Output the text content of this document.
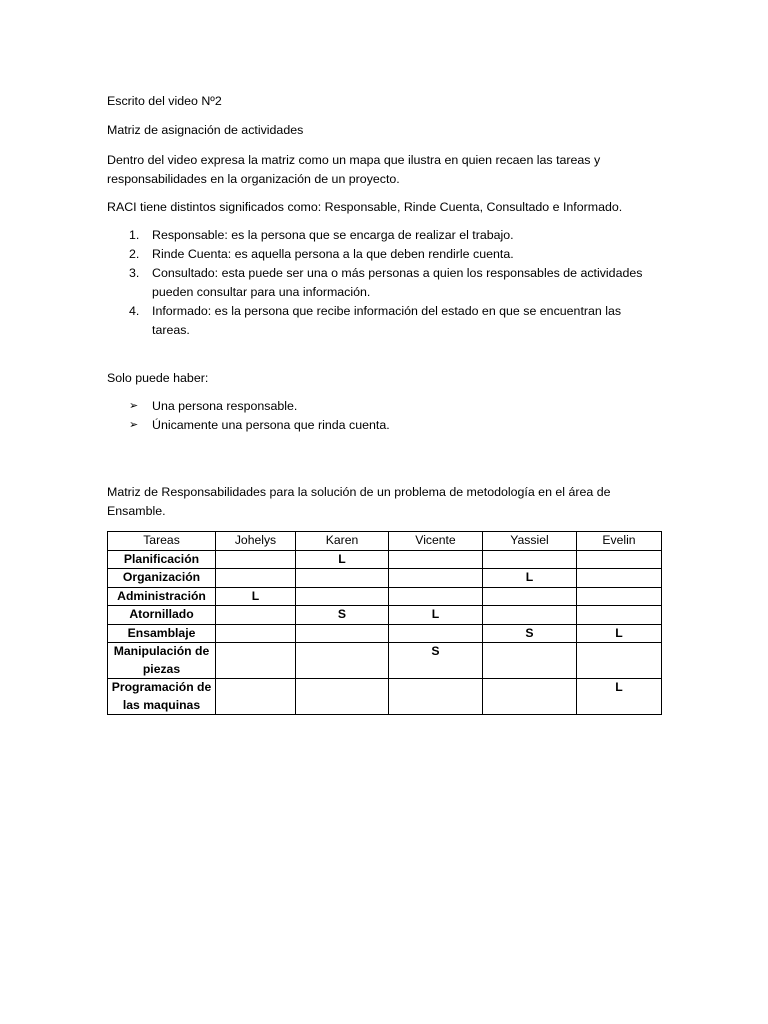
Escrito del video Nº2

Matriz de asignación de actividades

Dentro del video expresa la matriz como un mapa que ilustra en quien recaen las tareas y responsabilidades en la organización de un proyecto.

RACI tiene distintos significados como: Responsable, Rinde Cuenta, Consultado e Informado.

1. Responsable: es la persona que se encarga de realizar el trabajo.
2. Rinde Cuenta: es aquella persona a la que deben rendirle cuenta.
3. Consultado: esta puede ser una o más personas a quien los responsables de actividades pueden consultar para una información.
4. Informado: es la persona que recibe información del estado en que se encuentran las tareas.

Solo puede haber:

➢ Una persona responsable.
➢ Únicamente una persona que rinda cuenta.

Matriz de Responsabilidades para la solución de un problema de metodología en el área de Ensamble.

Tareas	Johelys	Karen	Vicente	Yassiel	Evelin
Planificación		L			
Organización				L	
Administración	L				
Atornillado		S	L		
Ensamblaje				S	L
Manipulación de piezas			S		
Programación de las maquinas					L
